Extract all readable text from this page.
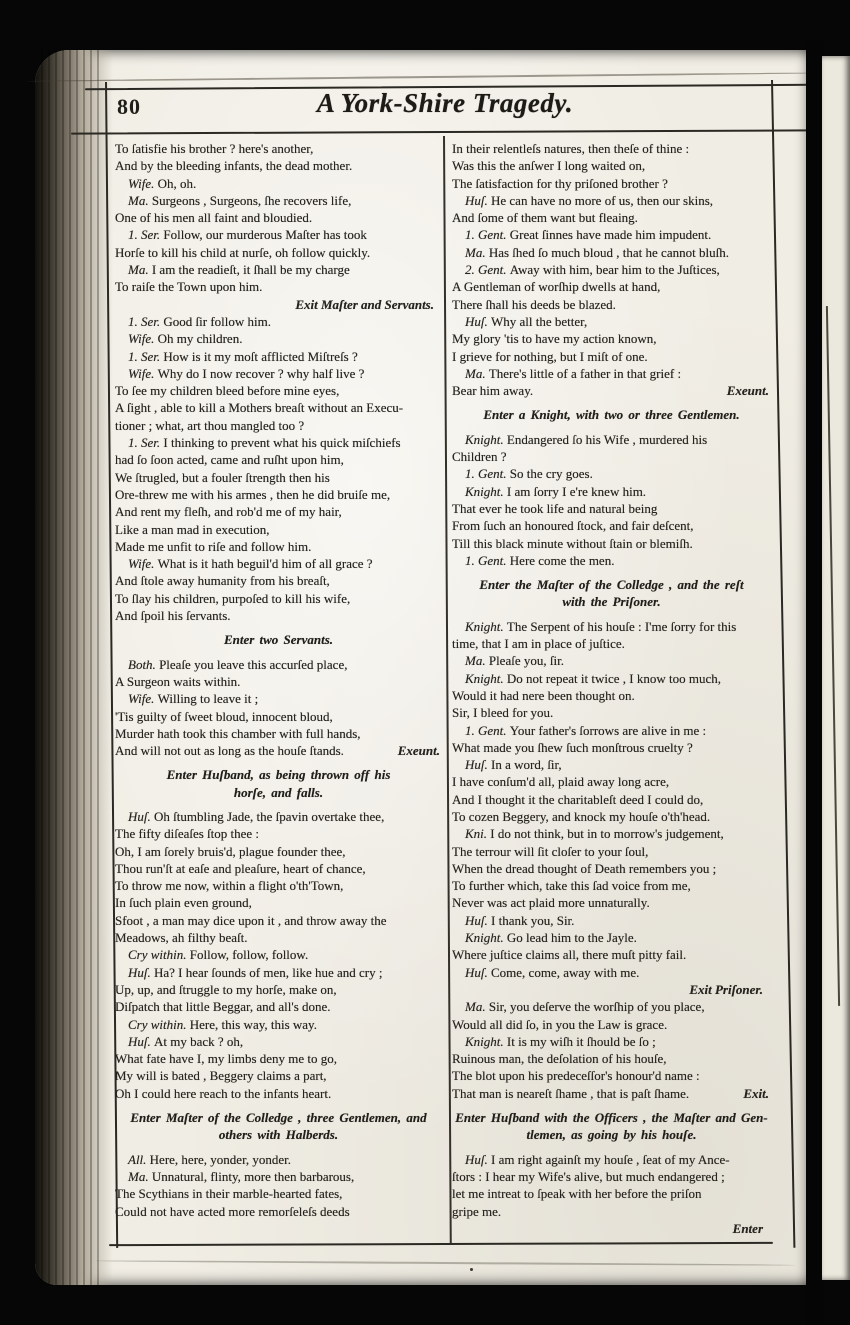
80	A York-Shire Tragedy.
To ſatisfie his brother ? here's another,
And by the bleeding infants, the dead mother.
Wife. Oh, oh.
Ma. Surgeons , Surgeons, ſhe recovers life,
One of his men all faint and bloudied.
1. Ser. Follow, our murderous Maſter has took
Horſe to kill his child at nurſe, oh follow quickly.
Ma. I am the readieſt, it ſhall be my charge
To raiſe the Town upon him.
Exit Maſter and Servants.
1. Ser. Good ſir follow him.
Wife. Oh my children.
1. Ser. How is it my moſt afflicted Miſtreſs ?
Wife. Why do I now recover ? why half live ?
To ſee my children bleed before mine eyes,
A ſight , able to kill a Mothers breaſt without an Execu-
tioner ; what, art thou mangled too ?
1. Ser. I thinking to prevent what his quick miſchiefs
had ſo ſoon acted, came and ruſht upon him,
We ſtrugled, but a fouler ſtrength then his
Ore-threw me with his armes , then he did bruiſe me,
And rent my fleſh, and rob'd me of my hair,
Like a man mad in execution,
Made me unfit to riſe and follow him.
Wife. What is it hath beguil'd him of all grace ?
And ſtole away humanity from his breaſt,
To ſlay his children, purpoſed to kill his wife,
And ſpoil his ſervants.
Enter two Servants.
Both. Pleaſe you leave this accurſed place,
A Surgeon waits within.
Wife. Willing to leave it ;
'Tis guilty of ſweet bloud, innocent bloud,
Murder hath took this chamber with full hands,
Exeunt.
And will not out as long as the houſe ſtands.
Enter Huſband, as being thrown off his
horſe, and falls.
Huſ. Oh ſtumbling Jade, the ſpavin overtake thee,
The fifty diſeaſes ſtop thee :
Oh, I am ſorely bruis'd, plague founder thee,
Thou run'ſt at eaſe and pleaſure, heart of chance,
To throw me now, within a flight o'th'Town,
In ſuch plain even ground,
Sfoot , a man may dice upon it , and throw away the
Meadows, ah filthy beaſt.
Cry within. Follow, follow, follow.
Huſ. Ha? I hear ſounds of men, like hue and cry ;
Up, up, and ſtruggle to my horſe, make on,
Diſpatch that little Beggar, and all's done.
Cry within. Here, this way, this way.
Huſ. At my back ? oh,
What fate have I, my limbs deny me to go,
My will is bated , Beggery claims a part,
Oh I could here reach to the infants heart.
Enter Maſter of the Colledge , three Gentlemen, and
others with Halberds.
All. Here, here, yonder, yonder.
Ma. Unnatural, flinty, more then barbarous,
The Scythians in their marble-hearted fates,
Could not have acted more remorſeleſs deeds
In their relentleſs natures, then theſe of thine :
Was this the anſwer I long waited on,
The ſatisfaction for thy priſoned brother ?
Huſ. He can have no more of us, then our skins,
And ſome of them want but fleaing.
1. Gent. Great ſinnes have made him impudent.
Ma. Has ſhed ſo much bloud , that he cannot bluſh.
2. Gent. Away with him, bear him to the Juſtices,
A Gentleman of worſhip dwells at hand,
There ſhall his deeds be blazed.
Huſ. Why all the better,
My glory 'tis to have my action known,
I grieve for nothing, but I miſt of one.
Ma. There's little of a father in that grief :
Exeunt.
Bear him away.
Enter a Knight, with two or three Gentlemen.
Knight. Endangered ſo his Wife , murdered his
Children ?
1. Gent. So the cry goes.
Knight. I am ſorry I e're knew him.
That ever he took life and natural being
From ſuch an honoured ſtock, and fair deſcent,
Till this black minute without ſtain or blemiſh.
1. Gent. Here come the men.
Enter the Maſter of the Colledge , and the reſt
with the Priſoner.
Knight. The Serpent of his houſe : I'me ſorry for this
time, that I am in place of juſtice.
Ma. Pleaſe you, ſir.
Knight. Do not repeat it twice , I know too much,
Would it had nere been thought on.
Sir, I bleed for you.
1. Gent. Your father's ſorrows are alive in me :
What made you ſhew ſuch monſtrous cruelty ?
Huſ. In a word, ſir,
I have conſum'd all, plaid away long acre,
And I thought it the charitableſt deed I could do,
To cozen Beggery, and knock my houſe o'th'head.
Kni. I do not think, but in to morrow's judgement,
The terrour will ſit cloſer to your ſoul,
When the dread thought of Death remembers you ;
To further which, take this ſad voice from me,
Never was act plaid more unnaturally.
Huſ. I thank you, Sir.
Knight. Go lead him to the Jayle.
Where juſtice claims all, there muſt pitty fail.
Huſ. Come, come, away with me.
Exit Priſoner.
Ma. Sir, you deſerve the worſhip of you place,
Would all did ſo, in you the Law is grace.
Knight. It is my wiſh it ſhould be ſo ;
Ruinous man, the deſolation of his houſe,
The blot upon his predeceſſor's honour'd name :
Exit.
That man is neareſt ſhame , that is paſt ſhame.
Enter Huſband with the Officers , the Maſter and Gen-
tlemen, as going by his houſe.
Huſ. I am right againſt my houſe , ſeat of my Ance-
ſtors : I hear my Wife's alive, but much endangered ;
let me intreat to ſpeak with her before the priſon
gripe me.
Enter
